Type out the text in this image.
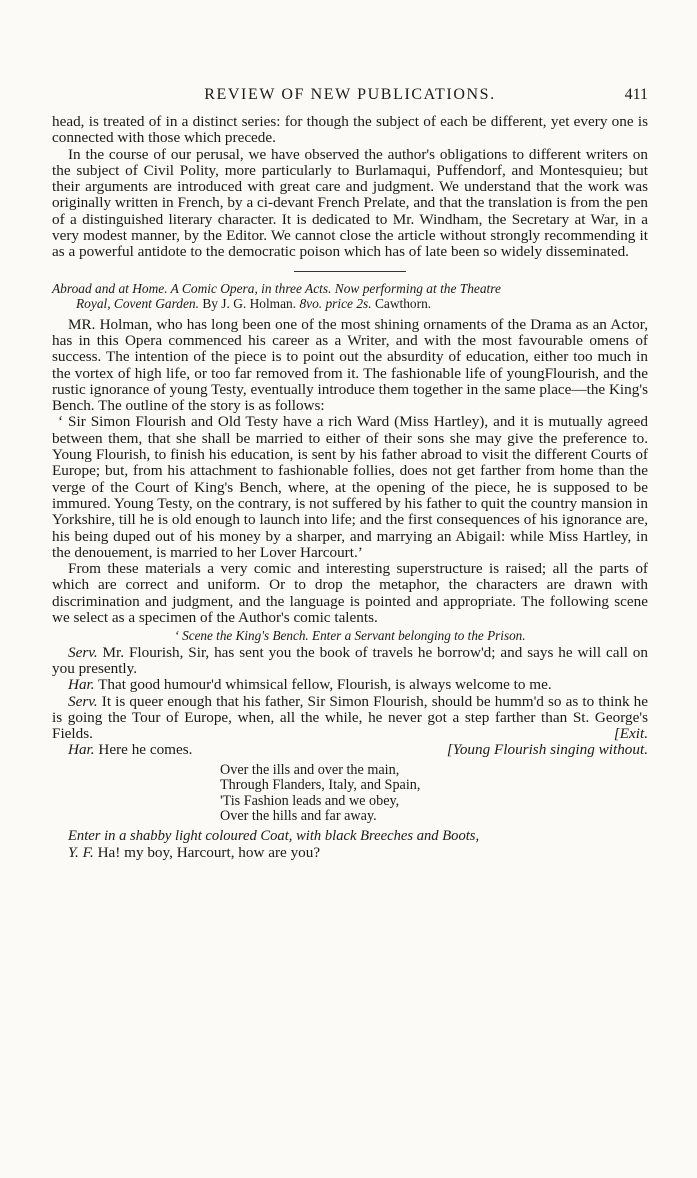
REVIEW OF NEW PUBLICATIONS.	411

head, is treated of in a distinct series: for though the subject of each be different, yet every one is connected with those which precede.

In the course of our perusal, we have observed the author's obligations to different writers on the subject of Civil Polity, more particularly to Burlamaqui, Puffendorf, and Montesquieu; but their arguments are introduced with great care and judgment. We understand that the work was originally written in French, by a ci-devant French Prelate, and that the translation is from the pen of a distinguished literary character. It is dedicated to Mr. Windham, the Secretary at War, in a very modest manner, by the Editor. We cannot close the article without strongly recommending it as a powerful antidote to the democratic poison which has of late been so widely disseminated.

Abroad and at Home. A Comic Opera, in three Acts. Now performing at the Theatre
Royal, Covent Garden. By J. G. Holman. 8vo. price 2s. Cawthorn.

MR. Holman, who has long been one of the most shining ornaments of the Drama as an Actor, has in this Opera commenced his career as a Writer, and with the most favourable omens of success. The intention of the piece is to point out the absurdity of education, either too much in the vortex of high life, or too far removed from it. The fashionable life of youngFlourish, and the rustic ignorance of young Testy, eventually introduce them together in the same place—the King's Bench. The outline of the story is as follows:

‘ Sir Simon Flourish and Old Testy have a rich Ward (Miss Hartley), and it is mutually agreed between them, that she shall be married to either of their sons she may give the preference to. Young Flourish, to finish his education, is sent by his father abroad to visit the different Courts of Europe; but, from his attachment to fashionable follies, does not get farther from home than the verge of the Court of King's Bench, where, at the opening of the piece, he is supposed to be immured. Young Testy, on the contrary, is not suffered by his father to quit the country mansion in Yorkshire, till he is old enough to launch into life; and the first consequences of his ignorance are, his being duped out of his money by a sharper, and marrying an Abigail: while Miss Hartley, in the denouement, is married to her Lover Harcourt.’

From these materials a very comic and interesting superstructure is raised; all the parts of which are correct and uniform. Or to drop the metaphor, the characters are drawn with discrimination and judgment, and the language is pointed and appropriate. The following scene we select as a specimen of the Author's comic talents.

‘ Scene the King's Bench. Enter a Servant belonging to the Prison.

Serv. Mr. Flourish, Sir, has sent you the book of travels he borrow'd; and says he will call on you presently.

Har. That good humour'd whimsical fellow, Flourish, is always welcome to me.

Serv. It is queer enough that his father, Sir Simon Flourish, should be humm'd so as to think he is going the Tour of Europe, when, all the while, he never got a step farther than St. George's Fields.	[Exit.

Har. Here he comes.	[Young Flourish singing without.

Over the ills and over the main,
Through Flanders, Italy, and Spain,
'Tis Fashion leads and we obey,
Over the hills and far away.
Enter in a shabby light coloured Coat, with black Breeches and Boots,

Y. F. Ha! my boy, Harcourt, how are you?
